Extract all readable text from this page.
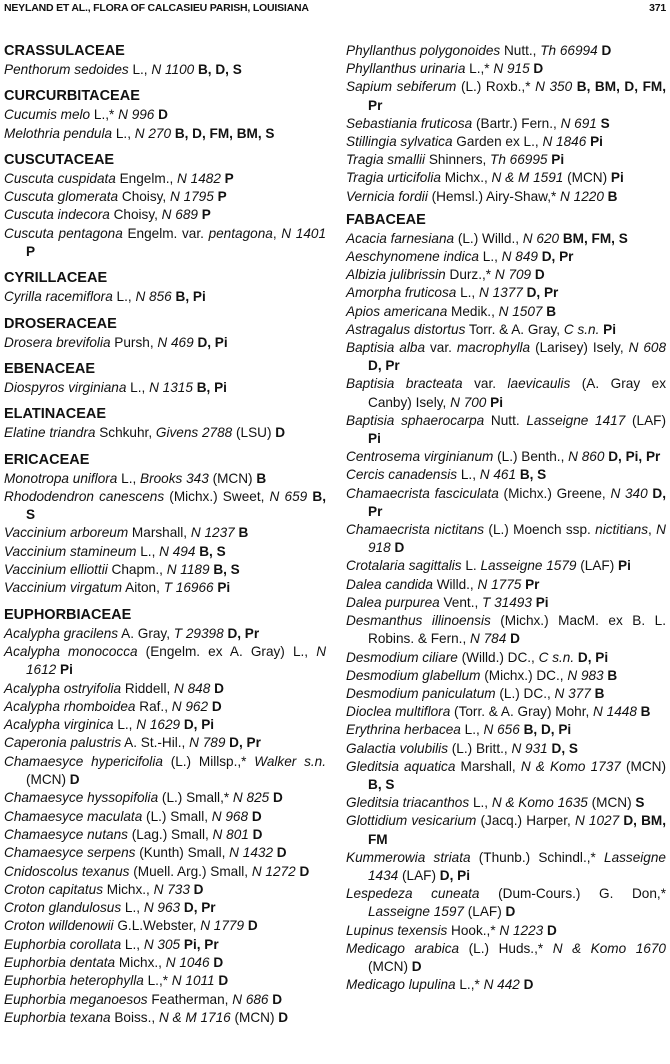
NEYLAND ET AL., FLORA OF CALCASIEU PARISH, LOUISIANA	371
CRASSULACEAE
Penthorum sedoides L., N 1100 B, D, S
CURCURBITACEAE
Cucumis melo L.,* N 996 D
Melothria pendula L., N 270 B, D, FM, BM, S
CUSCUTACEAE
Cuscuta cuspidata Engelm., N 1482 P
Cuscuta glomerata Choisy, N 1795 P
Cuscuta indecora Choisy, N 689 P
Cuscuta pentagona Engelm. var. pentagona, N 1401 P
CYRILLACEAE
Cyrilla racemiflora L., N 856 B, Pi
DROSERACEAE
Drosera brevifolia Pursh, N 469 D, Pi
EBENACEAE
Diospyros virginiana L., N 1315 B, Pi
ELATINACEAE
Elatine triandra Schkuhr, Givens 2788 (LSU) D
ERICACEAE
Monotropa uniflora L., Brooks 343 (MCN) B
Rhododendron canescens (Michx.) Sweet, N 659 B, S
Vaccinium arboreum Marshall, N 1237 B
Vaccinium stamineum L., N 494 B, S
Vaccinium elliottii Chapm., N 1189 B, S
Vaccinium virgatum Aiton, T 16966 Pi
EUPHORBIACEAE
Acalypha gracilens A. Gray, T 29398 D, Pr
Acalypha monococca (Engelm. ex A. Gray) L., N 1612 Pi
Acalypha ostryifolia Riddell, N 848 D
Acalypha rhomboidea Raf., N 962 D
Acalypha virginica L., N 1629 D, Pi
Caperonia palustris A. St.-Hil., N 789 D, Pr
Chamaesyce hypericifolia (L.) Millsp.,* Walker s.n. (MCN) D
Chamaesyce hyssopifolia (L.) Small,* N 825 D
Chamaesyce maculata (L.) Small, N 968 D
Chamaesyce nutans (Lag.) Small, N 801 D
Chamaesyce serpens (Kunth) Small, N 1432 D
Cnidoscolus texanus (Muell. Arg.) Small, N 1272 D
Croton capitatus Michx., N 733 D
Croton glandulosus L., N 963 D, Pr
Croton willdenowii G.L.Webster, N 1779 D
Euphorbia corollata L., N 305 Pi, Pr
Euphorbia dentata Michx., N 1046 D
Euphorbia heterophylla L.,* N 1011 D
Euphorbia meganoesos Featherman, N 686 D
Euphorbia texana Boiss., N & M 1716 (MCN) D
Phyllanthus polygonoides Nutt., Th 66994 D
Phyllanthus urinaria L.,* N 915 D
Sapium sebiferum (L.) Roxb.,* N 350 B, BM, D, FM, Pr
Sebastiania fruticosa (Bartr.) Fern., N 691 S
Stillingia sylvatica Garden ex L., N 1846 Pi
Tragia smallii Shinners, Th 66995 Pi
Tragia urticifolia Michx., N & M 1591 (MCN) Pi
Vernicia fordii (Hemsl.) Airy-Shaw,* N 1220 B
FABACEAE
Acacia farnesiana (L.) Willd., N 620 BM, FM, S
Aeschynomene indica L., N 849 D, Pr
Albizia julibrissin Durz.,* N 709 D
Amorpha fruticosa L., N 1377 D, Pr
Apios americana Medik., N 1507 B
Astragalus distortus Torr. & A. Gray, C s.n. Pi
Baptisia alba var. macrophylla (Larisey) Isely, N 608 D, Pr
Baptisia bracteata var. laevicaulis (A. Gray ex Canby) Isely, N 700 Pi
Baptisia sphaerocarpa Nutt. Lasseigne 1417 (LAF) Pi
Centrosema virginianum (L.) Benth., N 860 D, Pi, Pr
Cercis canadensis L., N 461 B, S
Chamaecrista fasciculata (Michx.) Greene, N 340 D, Pr
Chamaecrista nictitans (L.) Moench ssp. nictitians, N 918 D
Crotalaria sagittalis L. Lasseigne 1579 (LAF) Pi
Dalea candida Willd., N 1775 Pr
Dalea purpurea Vent., T 31493 Pi
Desmanthus illinoensis (Michx.) MacM. ex B. L. Robins. & Fern., N 784 D
Desmodium ciliare (Willd.) DC., C s.n. D, Pi
Desmodium glabellum (Michx.) DC., N 983 B
Desmodium paniculatum (L.) DC., N 377 B
Dioclea multiflora (Torr. & A. Gray) Mohr, N 1448 B
Erythrina herbacea L., N 656 B, D, Pi
Galactia volubilis (L.) Britt., N 931 D, S
Gleditsia aquatica Marshall, N & Komo 1737 (MCN) B, S
Gleditsia triacanthos L., N & Komo 1635 (MCN) S
Glottidium vesicarium (Jacq.) Harper, N 1027 D, BM, FM
Kummerowia striata (Thunb.) Schindl.,* Lasseigne 1434 (LAF) D, Pi
Lespedeza cuneata (Dum-Cours.) G. Don,* Lasseigne 1597 (LAF) D
Lupinus texensis Hook.,* N 1223 D
Medicago arabica (L.) Huds.,* N & Komo 1670 (MCN) D
Medicago lupulina L.,* N 442 D
